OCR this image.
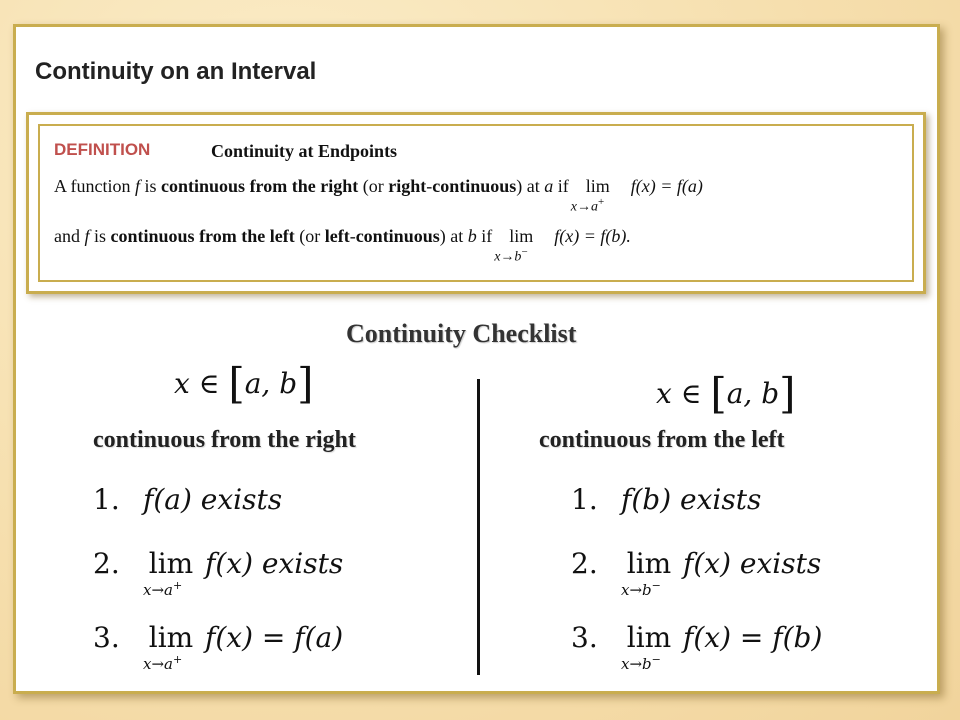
Continuity on an Interval
DEFINITION	Continuity at Endpoints
A function f is continuous from the right (or right-continuous) at a if lim
x→a+
f(x) = f(a)
and f is continuous from the left (or left-continuous) at b if lim
x→b−
f(x) = f(b).
Continuity Checklist
x ∈ [a, b]
continuous from the right
1. f(a) exists
2. lim
x→a+
f(x) exists
3. lim
x→a+
f(x) = f(a)
x ∈ [a, b]
continuous from the left
1. f(b) exists
2. lim
x→b−
f(x) exists
3. lim
x→b−
f(x) = f(b)
